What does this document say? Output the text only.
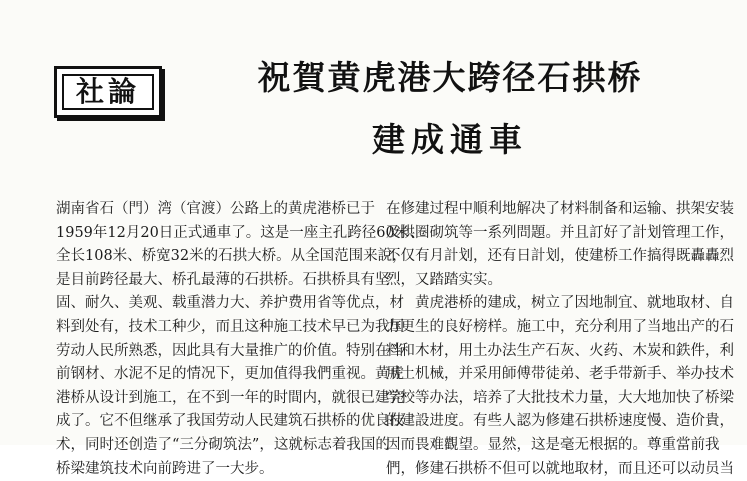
社論	祝賀黄虎港大跨径石拱桥
建成通車
湖南省石（門）湾（官渡）公路上的黄虎港桥已于
1959年12月20日正式通車了。这是一座主孔跨径60米、
全长108米、桥宽32米的石拱大桥。从全国范围来說，
是目前跨径最大、桥孔最薄的石拱桥。石拱桥具有坚
固、耐久、美观、载重潜力大、养护费用省等优点，材
料到处有，技术工种少，而且这种施工技术早已为我国
劳动人民所熟悉，因此具有大量推广的价值。特别在当
前钢材、水泥不足的情况下，更加值得我們重视。黄虎
港桥从设计到施工，在不到一年的时間内，就很已建完
成了。它不但继承了我国劳动人民建筑石拱桥的优良技
术，同时还创造了“三分砌筑法”，这就标志着我国的
桥梁建筑技术向前跨进了一大步。
在修建过程中順利地解决了材料制备和运输、拱架安装
及拱圈砌筑等一系列問題。并且訂好了計划管理工作，
不仅有月計划，还有日計划，使建桥工作搞得既轟轟烈
烈，又踏踏实实。
　　黄虎港桥的建成，树立了因地制宜、就地取材、自
力更生的良好榜样。施工中，充分利用了当地出产的石
料和木材，用土办法生产石灰、火药、木炭和鉄件，利
用土机械，并采用師傅带徒弟、老手带新手、举办技术
学校等办法，培养了大批技术力量，大大地加快了桥梁
的建設进度。有些人認为修建石拱桥速度慢、造价貴，
因而畏难觀望。显然，这是毫无根据的。尊重當前我
們，修建石拱桥不但可以就地取材，而且还可以动员当
